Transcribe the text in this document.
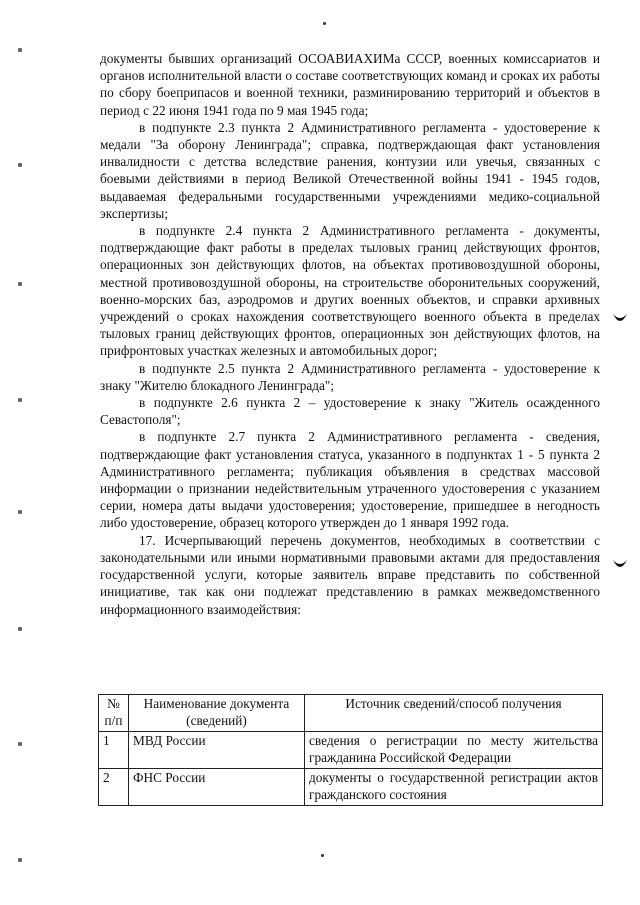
документы бывших организаций ОСОАВИАХИМа СССР, военных комиссариатов и органов исполнительной власти о составе соответствующих команд и сроках их работы по сбору боеприпасов и военной техники, разминированию территорий и объектов в период с 22 июня 1941 года по 9 мая 1945 года;

в подпункте 2.3 пункта 2 Административного регламента - удостоверение к медали "За оборону Ленинграда"; справка, подтверждающая факт установления инвалидности с детства вследствие ранения, контузии или увечья, связанных с боевыми действиями в период Великой Отечественной войны 1941 - 1945 годов, выдаваемая федеральными государственными учреждениями медико-социальной экспертизы;

в подпункте 2.4 пункта 2 Административного регламента - документы, подтверждающие факт работы в пределах тыловых границ действующих фронтов, операционных зон действующих флотов, на объектах противовоздушной обороны, местной противовоздушной обороны, на строительстве оборонительных сооружений, военно-морских баз, аэродромов и других военных объектов, и справки архивных учреждений о сроках нахождения соответствующего военного объекта в пределах тыловых границ действующих фронтов, операционных зон действующих флотов, на прифронтовых участках железных и автомобильных дорог;

в подпункте 2.5 пункта 2 Административного регламента - удостоверение к знаку "Жителю блокадного Ленинграда";

в подпункте 2.6 пункта 2 – удостоверение к знаку "Житель осажденного Севастополя";

в подпункте 2.7 пункта 2 Административного регламента - сведения, подтверждающие факт установления статуса, указанного в подпунктах 1 - 5 пункта 2 Административного регламента; публикация объявления в средствах массовой информации о признании недействительным утраченного удостоверения с указанием серии, номера даты выдачи удостоверения; удостоверение, пришедшее в негодность либо удостоверение, образец которого утвержден до 1 января 1992 года.

17. Исчерпывающий перечень документов, необходимых в соответствии с законодательными или иными нормативными правовыми актами для предоставления государственной услуги, которые заявитель вправе представить по собственной инициативе, так как они подлежат представлению в рамках межведомственного информационного взаимодействия:

№ п/п	Наименование документа (сведений)	Источник сведений/способ получения
1	МВД России	сведения о регистрации по месту жительства гражданина Российской Федерации
2	ФНС России	документы о государственной регистрации актов гражданского состояния
